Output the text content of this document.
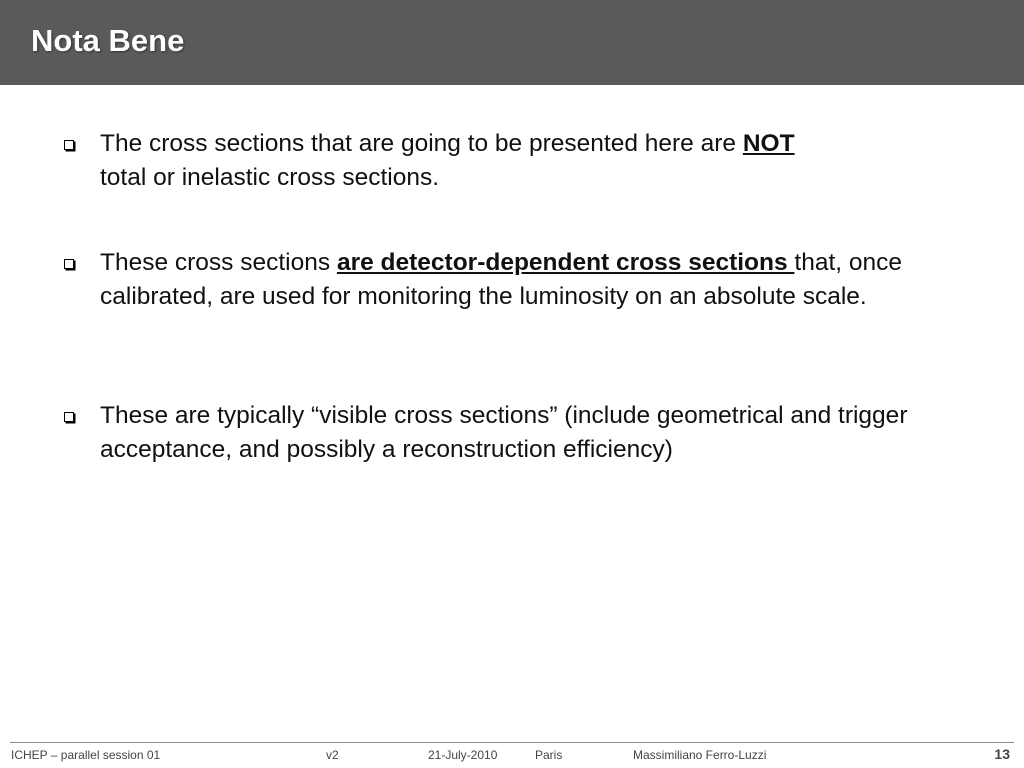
Nota Bene

The cross sections that are going to be presented here are NOT
total or inelastic cross sections.

These cross sections are detector-dependent cross sections that, once calibrated, are used for monitoring the luminosity on an absolute scale.

These are typically “visible cross sections” (include geometrical and trigger acceptance, and possibly a reconstruction efficiency)

ICHEP – parallel session 01	v2	21-July-2010	Paris	Massimiliano Ferro-Luzzi	13
